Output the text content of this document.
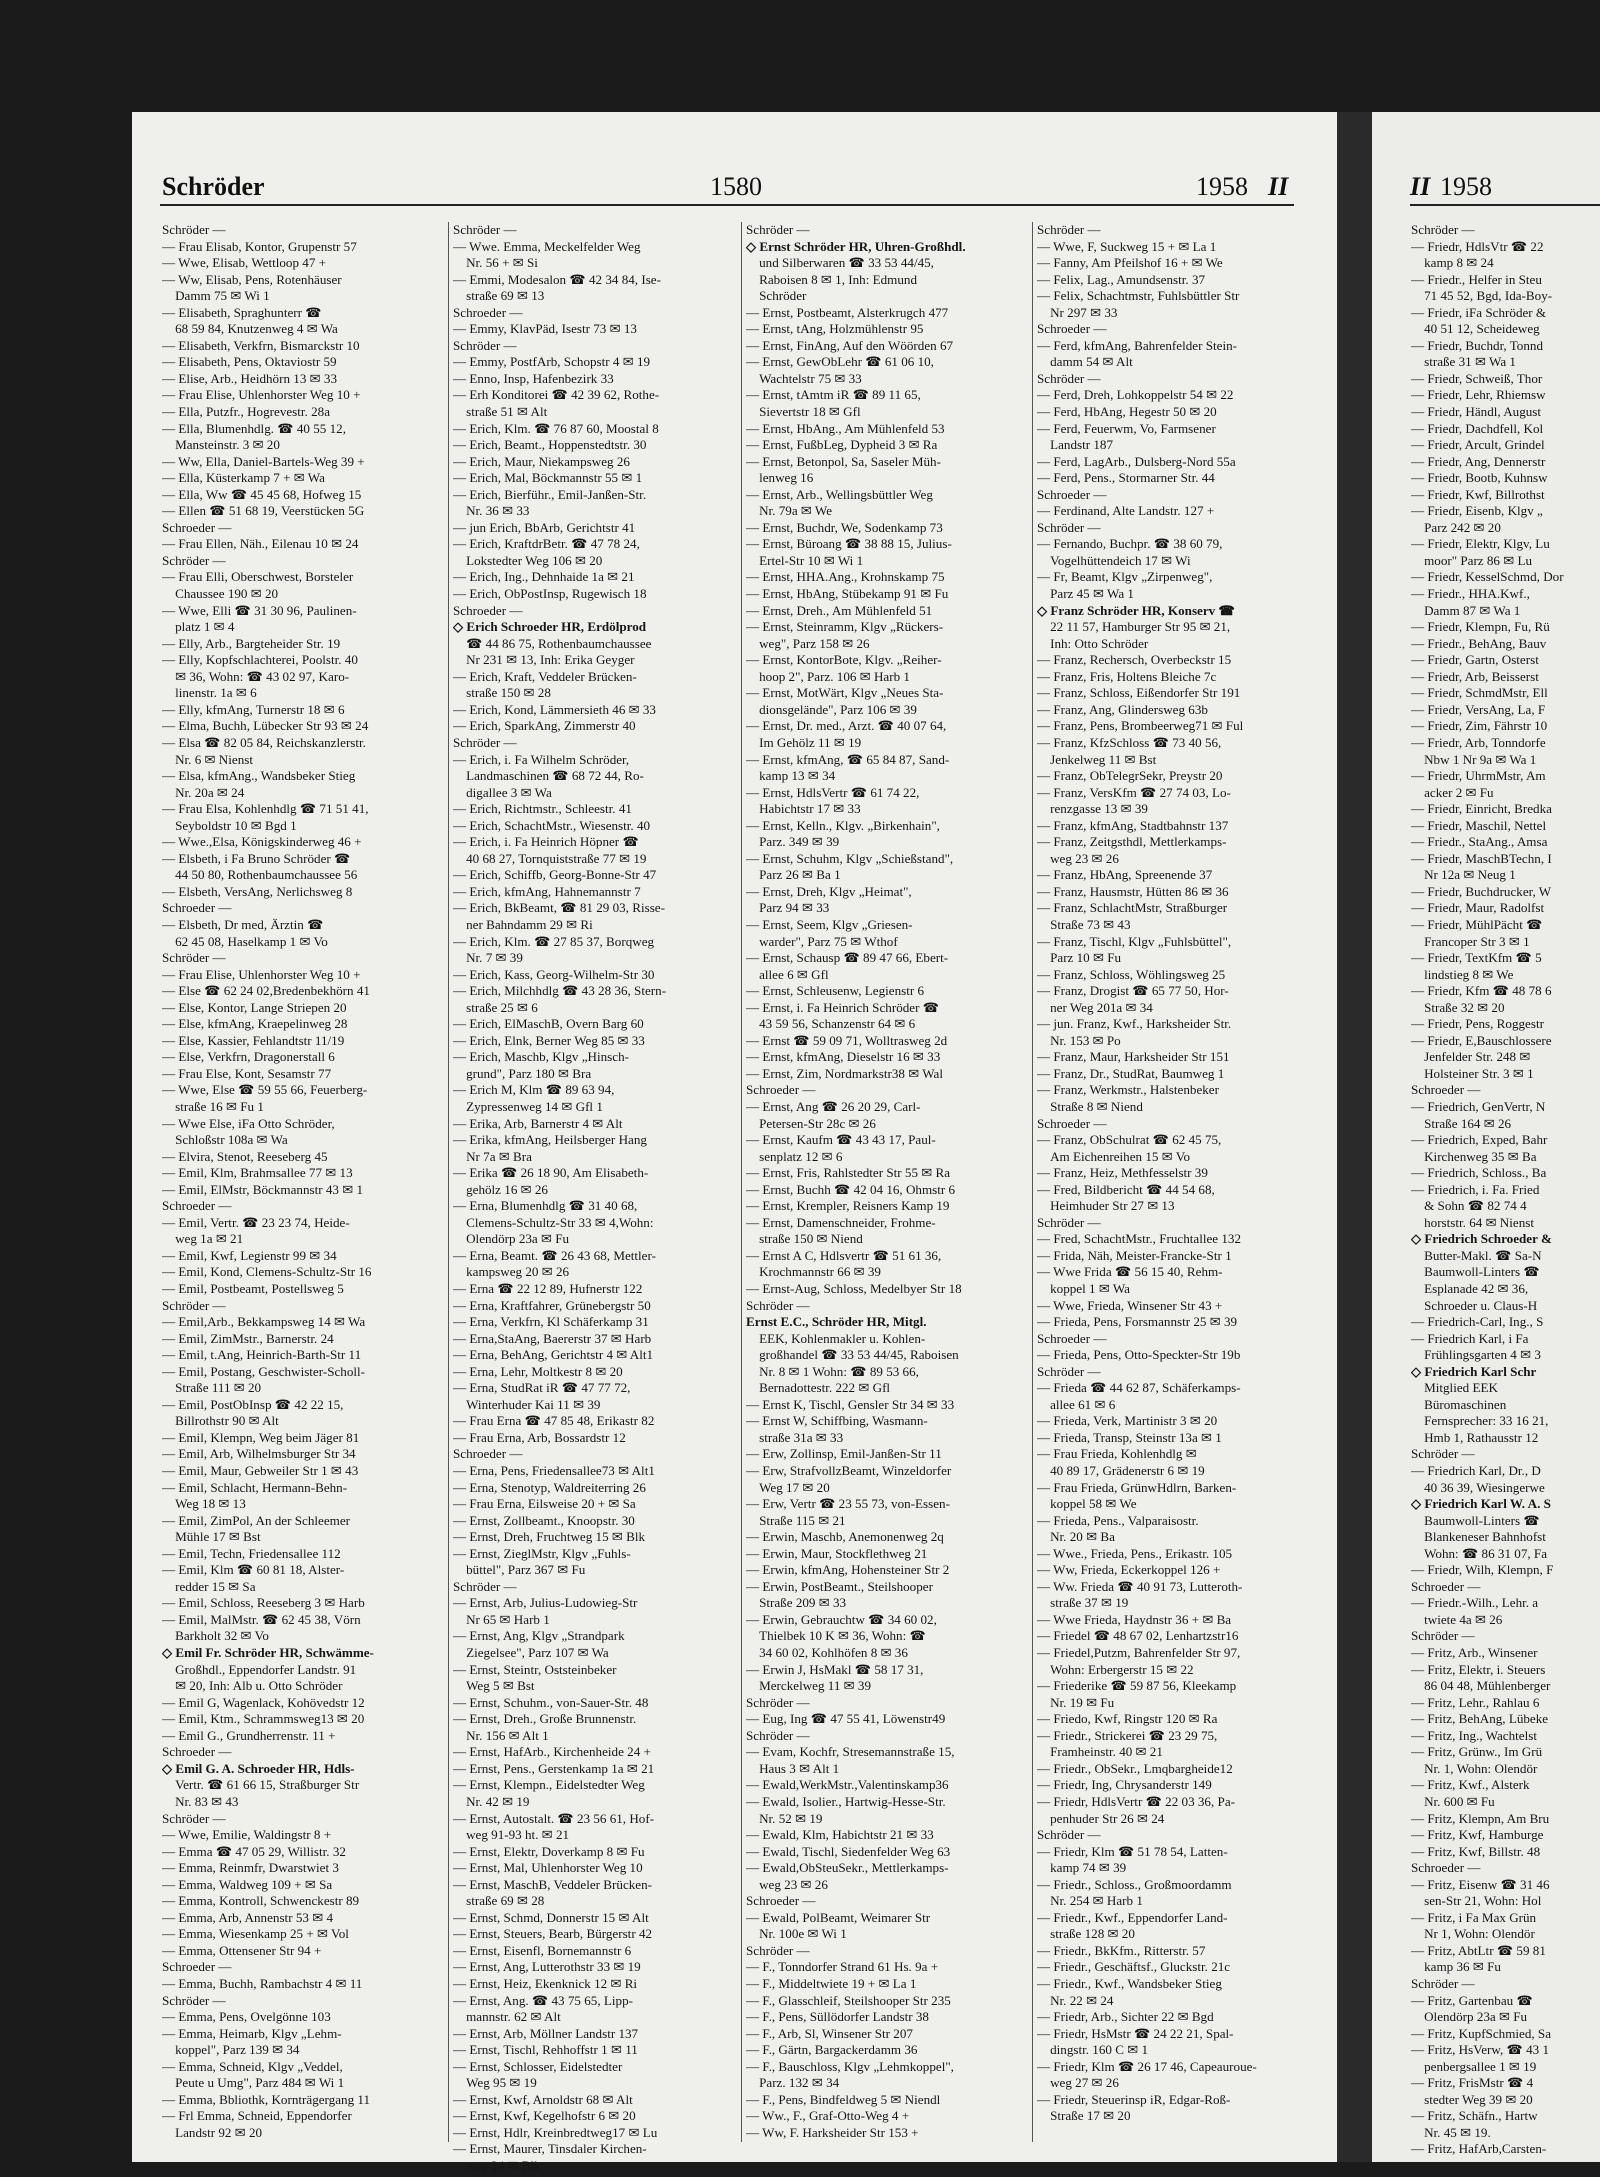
Schröder	1580	1958 II	II 1958
Schröder —
— Frau Elisab, Kontor, Grupenstr 57
— Wwe, Elisab, Wettloop 47 +
— Ww, Elisab, Pens, Rotenhäuser
 Damm 75 ✉ Wi 1
— Elisabeth, Spraghunterr ☎
 68 59 84, Knutzenweg 4 ✉ Wa
— Elisabeth, Verkfrn, Bismarckstr 10
— Elisabeth, Pens, Oktaviostr 59
— Elise, Arb., Heidhörn 13 ✉ 33
— Frau Elise, Uhlenhorster Weg 10 +
— Ella, Putzfr., Hogrevestr. 28a
— Ella, Blumenhdlg. ☎ 40 55 12,
 Mansteinstr. 3 ✉ 20
— Ww, Ella, Daniel-Bartels-Weg 39 +
— Ella, Küsterkamp 7 + ✉ Wa
— Ella, Ww ☎ 45 45 68, Hofweg 15
— Ellen ☎ 51 68 19, Veerstücken 5G
Schroeder —
— Frau Ellen, Näh., Eilenau 10 ✉ 24
Schröder —
— Frau Elli, Oberschwest, Borsteler
 Chaussee 190 ✉ 20
— Wwe, Elli ☎ 31 30 96, Paulinen-
 platz 1 ✉ 4
— Elly, Arb., Bargteheider Str. 19
— Elly, Kopfschlachterei, Poolstr. 40
 ✉ 36, Wohn: ☎ 43 02 97, Karo-
 linenstr. 1a ✉ 6
— Elly, kfmAng, Turnerstr 18 ✉ 6
— Elma, Buchh, Lübecker Str 93 ✉ 24
— Elsa ☎ 82 05 84, Reichskanzlerstr.
 Nr. 6 ✉ Nienst
— Elsa, kfmAng., Wandsbeker Stieg
 Nr. 20a ✉ 24
— Frau Elsa, Kohlenhdlg ☎ 71 51 41,
 Seyboldstr 10 ✉ Bgd 1
— Wwe.,Elsa, Königskinderweg 46 +
— Elsbeth, i Fa Bruno Schröder ☎
 44 50 80, Rothenbaumchaussee 56
— Elsbeth, VersAng, Nerlichsweg 8
Schroeder —
— Elsbeth, Dr med, Ärztin ☎
 62 45 08, Haselkamp 1 ✉ Vo
Schröder —
— Frau Elise, Uhlenhorster Weg 10 +
— Else ☎ 62 24 02,Bredenbekhörn 41
— Else, Kontor, Lange Striepen 20
— Else, kfmAng, Kraepelinweg 28
— Else, Kassier, Fehlandtstr 11/19
— Else, Verkfrn, Dragonerstall 6
— Frau Else, Kont, Sesamstr 77
— Wwe, Else ☎ 59 55 66, Feuerberg-
 straße 16 ✉ Fu 1
— Wwe Else, iFa Otto Schröder,
 Schloßstr 108a ✉ Wa
— Elvira, Stenot, Reeseberg 45
— Emil, Klm, Brahmsallee 77 ✉ 13
— Emil, ElMstr, Böckmannstr 43 ✉ 1
Schroeder —
— Emil, Vertr. ☎ 23 23 74, Heide-
 weg 1a ✉ 21
— Emil, Kwf, Legienstr 99 ✉ 34
— Emil, Kond, Clemens-Schultz-Str 16
— Emil, Postbeamt, Postellsweg 5
Schröder —
— Emil,Arb., Bekkampsweg 14 ✉ Wa
— Emil, ZimMstr., Barnerstr. 24
— Emil, t.Ang, Heinrich-Barth-Str 11
— Emil, Postang, Geschwister-Scholl-
 Straße 111 ✉ 20
— Emil, PostObInsp ☎ 42 22 15,
 Billrothstr 90 ✉ Alt
— Emil, Klempn, Weg beim Jäger 81
— Emil, Arb, Wilhelmsburger Str 34
— Emil, Maur, Gebweiler Str 1 ✉ 43
— Emil, Schlacht, Hermann-Behn-
 Weg 18 ✉ 13
— Emil, ZimPol, An der Schleemer
 Mühle 17 ✉ Bst
— Emil, Techn, Friedensallee 112
— Emil, Klm ☎ 60 81 18, Alster-
 redder 15 ✉ Sa
— Emil, Schloss, Reeseberg 3 ✉ Harb
— Emil, MalMstr. ☎ 62 45 38, Vörn
 Barkholt 32 ✉ Vo
◇ Emil Fr. Schröder HR, Schwämme-
 Großhdl., Eppendorfer Landstr. 91
 ✉ 20, Inh: Alb u. Otto Schröder
— Emil G, Wagenlack, Kohövedstr 12
— Emil, Ktm., Schrammsweg13 ✉ 20
— Emil G., Grundherrenstr. 11 +
Schroeder —
◇ Emil G. A. Schroeder HR, Hdls-
 Vertr. ☎ 61 66 15, Straßburger Str
 Nr. 83 ✉ 43
Schröder —
— Wwe, Emilie, Waldingstr 8 +
— Emma ☎ 47 05 29, Willistr. 32
— Emma, Reinmfr, Dwarstwiet 3
— Emma, Waldweg 109 + ✉ Sa
— Emma, Kontroll, Schwenckestr 89
— Emma, Arb, Annenstr 53 ✉ 4
— Emma, Wiesenkamp 25 + ✉ Vol
— Emma, Ottensener Str 94 +
Schroeder —
— Emma, Buchh, Rambachstr 4 ✉ 11
Schröder —
— Emma, Pens, Ovelgönne 103
— Emma, Heimarb, Klgv „Lehm-
 koppel", Parz 139 ✉ 34
— Emma, Schneid, Klgv „Veddel,
 Peute u Umg", Parz 484 ✉ Wi 1
— Emma, Bbliothk, Kornträgergang 11
— Frl Emma, Schneid, Eppendorfer
 Landstr 92 ✉ 20
Schröder —
— Wwe. Emma, Meckelfelder Weg
 Nr. 56 + ✉ Si
— Emmi, Modesalon ☎ 42 34 84, Ise-
 straße 69 ✉ 13
Schroeder —
— Emmy, KlavPäd, Isestr 73 ✉ 13
Schröder —
— Emmy, PostfArb, Schopstr 4 ✉ 19
— Enno, Insp, Hafenbezirk 33
— Erh Konditorei ☎ 42 39 62, Rothe-
 straße 51 ✉ Alt
— Erich, Klm. ☎ 76 87 60, Moostal 8
— Erich, Beamt., Hoppenstedtstr. 30
— Erich, Maur, Niekampsweg 26
— Erich, Mal, Böckmannstr 55 ✉ 1
— Erich, Bierführ., Emil-Janßen-Str.
 Nr. 36 ✉ 33
— jun Erich, BbArb, Gerichtstr 41
— Erich, KraftdrBetr. ☎ 47 78 24,
 Lokstedter Weg 106 ✉ 20
— Erich, Ing., Dehnhaide 1a ✉ 21
— Erich, ObPostInsp, Rugewisch 18
Schroeder —
◇ Erich Schroeder HR, Erdölprod
 ☎ 44 86 75, Rothenbaumchaussee
 Nr 231 ✉ 13, Inh: Erika Geyger
— Erich, Kraft, Veddeler Brücken-
 straße 150 ✉ 28
— Erich, Kond, Lämmersieth 46 ✉ 33
— Erich, SparkAng, Zimmerstr 40
Schröder —
— Erich, i. Fa Wilhelm Schröder,
 Landmaschinen ☎ 68 72 44, Ro-
 digallee 3 ✉ Wa
— Erich, Richtmstr., Schleestr. 41
— Erich, SchachtMstr., Wiesenstr. 40
— Erich, i. Fa Heinrich Höpner ☎
 40 68 27, Tornquiststraße 77 ✉ 19
— Erich, Schiffb, Georg-Bonne-Str 47
— Erich, kfmAng, Hahnemannstr 7
— Erich, BkBeamt, ☎ 81 29 03, Risse-
 ner Bahndamm 29 ✉ Ri
— Erich, Klm. ☎ 27 85 37, Borqweg
 Nr. 7 ✉ 39
— Erich, Kass, Georg-Wilhelm-Str 30
— Erich, Milchhdlg ☎ 43 28 36, Stern-
 straße 25 ✉ 6
— Erich, ElMaschB, Overn Barg 60
— Erich, Elnk, Berner Weg 85 ✉ 33
— Erich, Maschb, Klgv „Hinsch-
 grund", Parz 180 ✉ Bra
— Erich M, Klm ☎ 89 63 94,
 Zypressenweg 14 ✉ Gfl 1
— Erika, Arb, Barnerstr 4 ✉ Alt
— Erika, kfmAng, Heilsberger Hang
 Nr 7a ✉ Bra
— Erika ☎ 26 18 90, Am Elisabeth-
 gehölz 16 ✉ 26
— Erna, Blumenhdlg ☎ 31 40 68,
 Clemens-Schultz-Str 33 ✉ 4,Wohn:
 Olendörp 23a ✉ Fu
— Erna, Beamt. ☎ 26 43 68, Mettler-
 kampsweg 20 ✉ 26
— Erna ☎ 22 12 89, Hufnerstr 122
— Erna, Kraftfahrer, Grünebergstr 50
— Erna, Verkfrn, Kl Schäferkamp 31
— Erna,StaAng, Baererstr 37 ✉ Harb
— Erna, BehAng, Gerichtstr 4 ✉ Alt1
— Erna, Lehr, Moltkestr 8 ✉ 20
— Erna, StudRat iR ☎ 47 77 72,
 Winterhuder Kai 11 ✉ 39
— Frau Erna ☎ 47 85 48, Erikastr 82
— Frau Erna, Arb, Bossardstr 12
Schroeder —
— Erna, Pens, Friedensallee73 ✉ Alt1
— Erna, Stenotyp, Waldreiterring 26
— Frau Erna, Eilsweise 20 + ✉ Sa
— Ernst, Zollbeamt., Knoopstr. 30
— Ernst, Dreh, Fruchtweg 15 ✉ Blk
— Ernst, ZieglMstr, Klgv „Fuhls-
 büttel", Parz 367 ✉ Fu
Schröder —
— Ernst, Arb, Julius-Ludowieg-Str
 Nr 65 ✉ Harb 1
— Ernst, Ang, Klgv „Strandpark
 Ziegelsee", Parz 107 ✉ Wa
— Ernst, Steintr, Oststeinbeker
 Weg 5 ✉ Bst
— Ernst, Schuhm., von-Sauer-Str. 48
— Ernst, Dreh., Große Brunnenstr.
 Nr. 156 ✉ Alt 1
— Ernst, HafArb., Kirchenheide 24 +
— Ernst, Pens., Gerstenkamp 1a ✉ 21
— Ernst, Klempn., Eidelstedter Weg
 Nr. 42 ✉ 19
— Ernst, Autostalt. ☎ 23 56 61, Hof-
 weg 91-93 ht. ✉ 21
— Ernst, Elektr, Doverkamp 8 ✉ Fu
— Ernst, Mal, Uhlenhorster Weg 10
— Ernst, MaschB, Veddeler Brücken-
 straße 69 ✉ 28
— Ernst, Schmd, Donnerstr 15 ✉ Alt
— Ernst, Steuers, Bearb, Bürgerstr 42
— Ernst, Eisenfl, Bornemannstr 6
— Ernst, Ang, Lutterothstr 33 ✉ 19
— Ernst, Heiz, Ekenknick 12 ✉ Ri
— Ernst, Ang. ☎ 43 75 65, Lipp-
 mannstr. 62 ✉ Alt
— Ernst, Arb, Möllner Landstr 137
— Ernst, Tischl, Rehhoffstr 1 ✉ 11
— Ernst, Schlosser, Eidelstedter
 Weg 95 ✉ 19
— Ernst, Kwf, Arnoldstr 68 ✉ Alt
— Ernst, Kwf, Kegelhofstr 6 ✉ 20
— Ernst, Hdlr, Kreinbredtweg17 ✉ Lu
— Ernst, Maurer, Tinsdaler Kirchen-
 weg 24 ✉ Blk
Schröder —
◇ Ernst Schröder HR, Uhren-Großhdl.
 und Silberwaren ☎ 33 53 44/45,
 Raboisen 8 ✉ 1, Inh: Edmund
 Schröder
— Ernst, Postbeamt, Alsterkrugch 477
— Ernst, tAng, Holzmühlenstr 95
— Ernst, FinAng, Auf den Wöörden 67
— Ernst, GewObLehr ☎ 61 06 10,
 Wachtelstr 75 ✉ 33
— Ernst, tAmtm iR ☎ 89 11 65,
 Sievertstr 18 ✉ Gfl
— Ernst, HbAng., Am Mühlenfeld 53
— Ernst, FußbLeg, Dypheid 3 ✉ Ra
— Ernst, Betonpol, Sa, Saseler Müh-
 lenweg 16
— Ernst, Arb., Wellingsbüttler Weg
 Nr. 79a ✉ We
— Ernst, Buchdr, We, Sodenkamp 73
— Ernst, Büroang ☎ 38 88 15, Julius-
 Ertel-Str 10 ✉ Wi 1
— Ernst, HHA.Ang., Krohnskamp 75
— Ernst, HbAng, Stübekamp 91 ✉ Fu
— Ernst, Dreh., Am Mühlenfeld 51
— Ernst, Steinramm, Klgv „Rückers-
 weg", Parz 158 ✉ 26
— Ernst, KontorBote, Klgv. „Reiher-
 hoop 2", Parz. 106 ✉ Harb 1
— Ernst, MotWärt, Klgv „Neues Sta-
 dionsgelände", Parz 106 ✉ 39
— Ernst, Dr. med., Arzt. ☎ 40 07 64,
 Im Gehölz 11 ✉ 19
— Ernst, kfmAng, ☎ 65 84 87, Sand-
 kamp 13 ✉ 34
— Ernst, HdlsVertr ☎ 61 74 22,
 Habichtstr 17 ✉ 33
— Ernst, Kelln., Klgv. „Birkenhain",
 Parz. 349 ✉ 39
— Ernst, Schuhm, Klgv „Schießstand",
 Parz 26 ✉ Ba 1
— Ernst, Dreh, Klgv „Heimat",
 Parz 94 ✉ 33
— Ernst, Seem, Klgv „Griesen-
 warder", Parz 75 ✉ Wthof
— Ernst, Schausp ☎ 89 47 66, Ebert-
 allee 6 ✉ Gfl
— Ernst, Schleusenw, Legienstr 6
— Ernst, i. Fa Heinrich Schröder ☎
 43 59 56, Schanzenstr 64 ✉ 6
— Ernst ☎ 59 09 71, Wolltrasweg 2d
— Ernst, kfmAng, Dieselstr 16 ✉ 33
— Ernst, Zim, Nordmarkstr38 ✉ Wal
Schroeder —
— Ernst, Ang ☎ 26 20 29, Carl-
 Petersen-Str 28c ✉ 26
— Ernst, Kaufm ☎ 43 43 17, Paul-
 senplatz 12 ✉ 6
— Ernst, Fris, Rahlstedter Str 55 ✉ Ra
— Ernst, Buchh ☎ 42 04 16, Ohmstr 6
— Ernst, Krempler, Reisners Kamp 19
— Ernst, Damenschneider, Frohme-
 straße 150 ✉ Niend
— Ernst A C, Hdlsvertr ☎ 51 61 36,
 Krochmannstr 66 ✉ 39
— Ernst-Aug, Schloss, Medelbyer Str 18
Schröder —
Ernst E.C., Schröder HR, Mitgl.
 EEK, Kohlenmakler u. Kohlen-
 großhandel ☎ 33 53 44/45, Raboisen
 Nr. 8 ✉ 1 Wohn: ☎ 89 53 66,
 Bernadottestr. 222 ✉ Gfl
— Ernst K, Tischl, Gensler Str 34 ✉ 33
— Ernst W, Schiffbing, Wasmann-
 straße 31a ✉ 33
— Erw, Zollinsp, Emil-Janßen-Str 11
— Erw, StrafvollzBeamt, Winzeldorfer
 Weg 17 ✉ 20
— Erw, Vertr ☎ 23 55 73, von-Essen-
 Straße 115 ✉ 21
— Erwin, Maschb, Anemonenweg 2q
— Erwin, Maur, Stockflethweg 21
— Erwin, kfmAng, Hohensteiner Str 2
— Erwin, PostBeamt., Steilshooper
 Straße 209 ✉ 33
— Erwin, Gebrauchtw ☎ 34 60 02,
 Thielbek 10 K ✉ 36, Wohn: ☎
 34 60 02, Kohlhöfen 8 ✉ 36
— Erwin J, HsMakl ☎ 58 17 31,
 Merckelweg 11 ✉ 39
Schröder —
— Eug, Ing ☎ 47 55 41, Löwenstr49
Schröder —
— Evam, Kochfr, Stresemannstraße 15,
 Haus 3 ✉ Alt 1
— Ewald,WerkMstr.,Valentinskamp36
— Ewald, Isolier., Hartwig-Hesse-Str.
 Nr. 52 ✉ 19
— Ewald, Klm, Habichtstr 21 ✉ 33
— Ewald, Tischl, Siedenfelder Weg 63
— Ewald,ObSteuSekr., Mettlerkamps-
 weg 23 ✉ 26
Schroeder —
— Ewald, PolBeamt, Weimarer Str
 Nr. 100e ✉ Wi 1
Schröder —
— F., Tonndorfer Strand 61 Hs. 9a +
— F., Middeltwiete 19 + ✉ La 1
— F., Glasschleif, Steilshooper Str 235
— F., Pens, Süllödorfer Landstr 38
— F., Arb, Sl, Winsener Str 207
— F., Gärtn, Bargackerdamm 36
— F., Bauschloss, Klgv „Lehmkoppel",
 Parz. 132 ✉ 34
— F., Pens, Bindfeldweg 5 ✉ Niendl
— Ww., F., Graf-Otto-Weg 4 +
— Ww, F. Harksheider Str 153 +
Schröder —
— Wwe, F, Suckweg 15 + ✉ La 1
— Fanny, Am Pfeilshof 16 + ✉ We
— Felix, Lag., Amundsenstr. 37
— Felix, Schachtmstr, Fuhlsbüttler Str
 Nr 297 ✉ 33
Schroeder —
— Ferd, kfmAng, Bahrenfelder Stein-
 damm 54 ✉ Alt
Schröder —
— Ferd, Dreh, Lohkoppelstr 54 ✉ 22
— Ferd, HbAng, Hegestr 50 ✉ 20
— Ferd, Feuerwm, Vo, Farmsener
 Landstr 187
— Ferd, LagArb., Dulsberg-Nord 55a
— Ferd, Pens., Stormarner Str. 44
Schroeder —
— Ferdinand, Alte Landstr. 127 +
Schröder —
— Fernando, Buchpr. ☎ 38 60 79,
 Vogelhüttendeich 17 ✉ Wi
— Fr, Beamt, Klgv „Zirpenweg",
 Parz 45 ✉ Wa 1
◇ Franz Schröder HR, Konserv ☎
 22 11 57, Hamburger Str 95 ✉ 21,
 Inh: Otto Schröder
— Franz, Rechersch, Overbeckstr 15
— Franz, Fris, Holtens Bleiche 7c
— Franz, Schloss, Eißendorfer Str 191
— Franz, Ang, Glindersweg 63b
— Franz, Pens, Brombeerweg71 ✉ Ful
— Franz, KfzSchloss ☎ 73 40 56,
 Jenkelweg 11 ✉ Bst
— Franz, ObTelegrSekr, Preystr 20
— Franz, VersKfm ☎ 27 74 03, Lo-
 renzgasse 13 ✉ 39
— Franz, kfmAng, Stadtbahnstr 137
— Franz, Zeitgsthdl, Mettlerkamps-
 weg 23 ✉ 26
— Franz, HbAng, Spreenende 37
— Franz, Hausmstr, Hütten 86 ✉ 36
— Franz, SchlachtMstr, Straßburger
 Straße 73 ✉ 43
— Franz, Tischl, Klgv „Fuhlsbüttel",
 Parz 10 ✉ Fu
— Franz, Schloss, Wöhlingsweg 25
— Franz, Drogist ☎ 65 77 50, Hor-
 ner Weg 201a ✉ 34
— jun. Franz, Kwf., Harksheider Str.
 Nr. 153 ✉ Po
— Franz, Maur, Harksheider Str 151
— Franz, Dr., StudRat, Baumweg 1
— Franz, Werkmstr., Halstenbeker
 Straße 8 ✉ Niend
Schroeder —
— Franz, ObSchulrat ☎ 62 45 75,
 Am Eichenreihen 15 ✉ Vo
— Franz, Heiz, Methfesselstr 39
— Fred, Bildbericht ☎ 44 54 68,
 Heimhuder Str 27 ✉ 13
Schröder —
— Fred, SchachtMstr., Fruchtallee 132
— Frida, Näh, Meister-Francke-Str 1
— Wwe Frida ☎ 56 15 40, Rehm-
 koppel 1 ✉ Wa
— Wwe, Frieda, Winsener Str 43 +
— Frieda, Pens, Forsmannstr 25 ✉ 39
Schroeder —
— Frieda, Pens, Otto-Speckter-Str 19b
Schröder —
— Frieda ☎ 44 62 87, Schäferkamps-
 allee 61 ✉ 6
— Frieda, Verk, Martinistr 3 ✉ 20
— Frieda, Transp, Steinstr 13a ✉ 1
— Frau Frieda, Kohlenhdlg ✉
 40 89 17, Grädenerstr 6 ✉ 19
— Frau Frieda, GrünwHdlrn, Barken-
 koppel 58 ✉ We
— Frieda, Pens., Valparaisostr.
 Nr. 20 ✉ Ba
— Wwe., Frieda, Pens., Erikastr. 105
— Ww, Frieda, Eckerkoppel 126 +
— Ww. Frieda ☎ 40 91 73, Lutteroth-
 straße 37 ✉ 19
— Wwe Frieda, Haydnstr 36 + ✉ Ba
— Friedel ☎ 48 67 02, Lenhartzstr16
— Friedel,Putzm, Bahrenfelder Str 97,
 Wohn: Erbergerstr 15 ✉ 22
— Friederike ☎ 59 87 56, Kleekamp
 Nr. 19 ✉ Fu
— Friedo, Kwf, Ringstr 120 ✉ Ra
— Friedr., Strickerei ☎ 23 29 75,
 Framheinstr. 40 ✉ 21
— Friedr., ObSekr., Lmqbargheide12
— Friedr, Ing, Chrysanderstr 149
— Friedr, HdlsVertr ☎ 22 03 36, Pa-
 penhuder Str 26 ✉ 24
Schröder —
— Friedr, Klm ☎ 51 78 54, Latten-
 kamp 74 ✉ 39
— Friedr., Schloss., Großmoordamm
 Nr. 254 ✉ Harb 1
— Friedr., Kwf., Eppendorfer Land-
 straße 128 ✉ 20
— Friedr., BkKfm., Ritterstr. 57
— Friedr., Geschäftsf., Gluckstr. 21c
— Friedr., Kwf., Wandsbeker Stieg
 Nr. 22 ✉ 24
— Friedr, Arb., Sichter 22 ✉ Bgd
— Friedr, HsMstr ☎ 24 22 21, Spal-
 dingstr. 160 C ✉ 1
— Friedr, Klm ☎ 26 17 46, Capeauroue-
 weg 27 ✉ 26
— Friedr, Steuerinsp iR, Edgar-Roß-
 Straße 17 ✉ 20
Schröder —
— Friedr, HdlsVtr ☎ 22
 kamp 8 ✉ 24
— Friedr., Helfer in Steu
 71 45 52, Bgd, Ida-Boy-
— Friedr, iFa Schröder &
 40 51 12, Scheideweg
— Friedr, Buchdr, Tonnd
 straße 31 ✉ Wa 1
— Friedr, Schweiß, Thor
— Friedr, Lehr, Rhiemsw
— Friedr, Händl, August
— Friedr, Dachdfell, Kol
— Friedr, Arcult, Grindel
— Friedr, Ang, Dennerstr
— Friedr, Bootb, Kuhnsw
— Friedr, Kwf, Billrothst
— Friedr, Eisenb, Klgv „
 Parz 242 ✉ 20
— Friedr, Elektr, Klgv, Lu
 moor" Parz 86 ✉ Lu
— Friedr, KesselSchmd, Dor
— Friedr., HHA.Kwf.,
 Damm 87 ✉ Wa 1
— Friedr, Klempn, Fu, Rü
— Friedr., BehAng, Bauv
— Friedr, Gartn, Osterst
— Friedr, Arb, Beisserst
— Friedr, SchmdMstr, Ell
— Friedr, VersAng, La, F
— Friedr, Zim, Fährstr 10
— Friedr, Arb, Tonndorfe
 Nbw 1 Nr 9a ✉ Wa 1
— Friedr, UhrmMstr, Am
 acker 2 ✉ Fu
— Friedr, Einricht, Bredka
— Friedr, Maschil, Nettel
— Friedr., StaAng., Amsa
— Friedr, MaschBTechn, I
 Nr 12a ✉ Neug 1
— Friedr, Buchdrucker, W
— Friedr, Maur, Radolfst
— Friedr, MühlPächt ☎
 Francoper Str 3 ✉ 1
— Friedr, TextKfm ☎ 5
 lindstieg 8 ✉ We
— Friedr, Kfm ☎ 48 78 6
 Straße 32 ✉ 20
— Friedr, Pens, Roggestr
— Friedr, E,Bauschlossere
 Jenfelder Str. 248 ✉
 Holsteiner Str. 3 ✉ 1
Schroeder —
— Friedrich, GenVertr, N
 Straße 164 ✉ 26
— Friedrich, Exped, Bahr
 Kirchenweg 35 ✉ Ba
— Friedrich, Schloss., Ba
— Friedrich, i. Fa. Fried
 & Sohn ☎ 82 74 4
 horststr. 64 ✉ Nienst
◇ Friedrich Schroeder &
 Butter-Makl. ☎ Sa-N
 Baumwoll-Linters ☎
 Esplanade 42 ✉ 36,
 Schroeder u. Claus-H
— Friedrich-Carl, Ing., S
— Friedrich Karl, i Fa
 Frühlingsgarten 4 ✉ 3
◇ Friedrich Karl Schr
 Mitglied EEK
 Büromaschinen
 Fernsprecher: 33 16 21,
 Hmb 1, Rathausstr 12
Schröder —
— Friedrich Karl, Dr., D
 40 36 39, Wiesingerwe
◇ Friedrich Karl W. A. S
 Baumwoll-Linters ☎
 Blankeneser Bahnhofst
 Wohn: ☎ 86 31 07, Fa
— Friedr, Wilh, Klempn, F
Schroeder —
— Friedr.-Wilh., Lehr. a
 twiete 4a ✉ 26
Schröder —
— Fritz, Arb., Winsener
— Fritz, Elektr, i. Steuers
 86 04 48, Mühlenberger
— Fritz, Lehr., Rahlau 6
— Fritz, BehAng, Lübeke
— Fritz, Ing., Wachtelst
— Fritz, Grünw., Im Grü
 Nr. 1, Wohn: Olendör
— Fritz, Kwf., Alsterk
 Nr. 600 ✉ Fu
— Fritz, Klempn, Am Bru
— Fritz, Kwf, Hamburge
— Fritz, Kwf, Billstr. 48
Schroeder —
— Fritz, Eisenw ☎ 31 46
 sen-Str 21, Wohn: Hol
— Fritz, i Fa Max Grün
 Nr 1, Wohn: Olendör
— Fritz, AbtLtr ☎ 59 81
 kamp 36 ✉ Fu
Schröder —
— Fritz, Gartenbau ☎
 Olendörp 23a ✉ Fu
— Fritz, KupfSchmied, Sa
— Fritz, HsVerw, ☎ 43 1
 penbergsallee 1 ✉ 19
— Fritz, FrisMstr ☎ 4
 stedter Weg 39 ✉ 20
— Fritz, Schäfn., Hartw
 Nr. 45 ✉ 19.
— Fritz, HafArb,Carsten-
